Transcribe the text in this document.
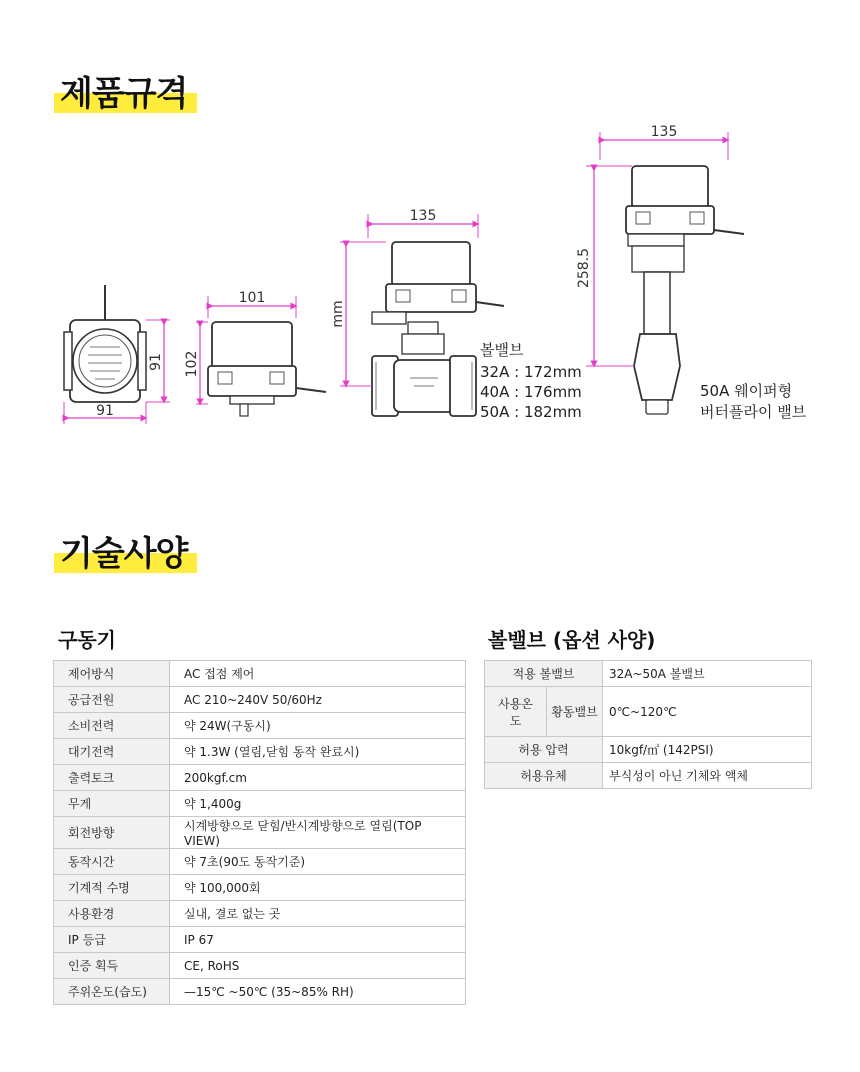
제품규격
91
91
101
102
135
mm
볼밸브
32A : 172mm
40A : 176mm
50A : 182mm
135
258.5
50A 웨이퍼형
버터플라이 밸브
기술사양
구동기
제어방식	AC 접점 제어
공급전원	AC 210~240V 50/60Hz
소비전력	약 24W(구동시)
대기전력	약 1.3W (열림,닫힘 동작 완료시)
출력토크	200kgf.cm
무게	약 1,400g
회전방향	시계방향으로 닫힘/반시계방향으로 열림(TOP VIEW)
동작시간	약 7초(90도 동작기준)
기계적 수명	약 100,000회
사용환경	실내, 결로 없는 곳
IP 등급	IP 67
인증 획득	CE, RoHS
주위온도(습도)	—15℃ ~50℃ (35~85% RH)
볼밸브 (옵션 사양)
적용 볼밸브		32A~50A 볼밸브
사용온도	황동밸브	0℃~120℃
허용 압력		10kgf/㎡ (142PSI)
허용유체		부식성이 아닌 기체와 액체
